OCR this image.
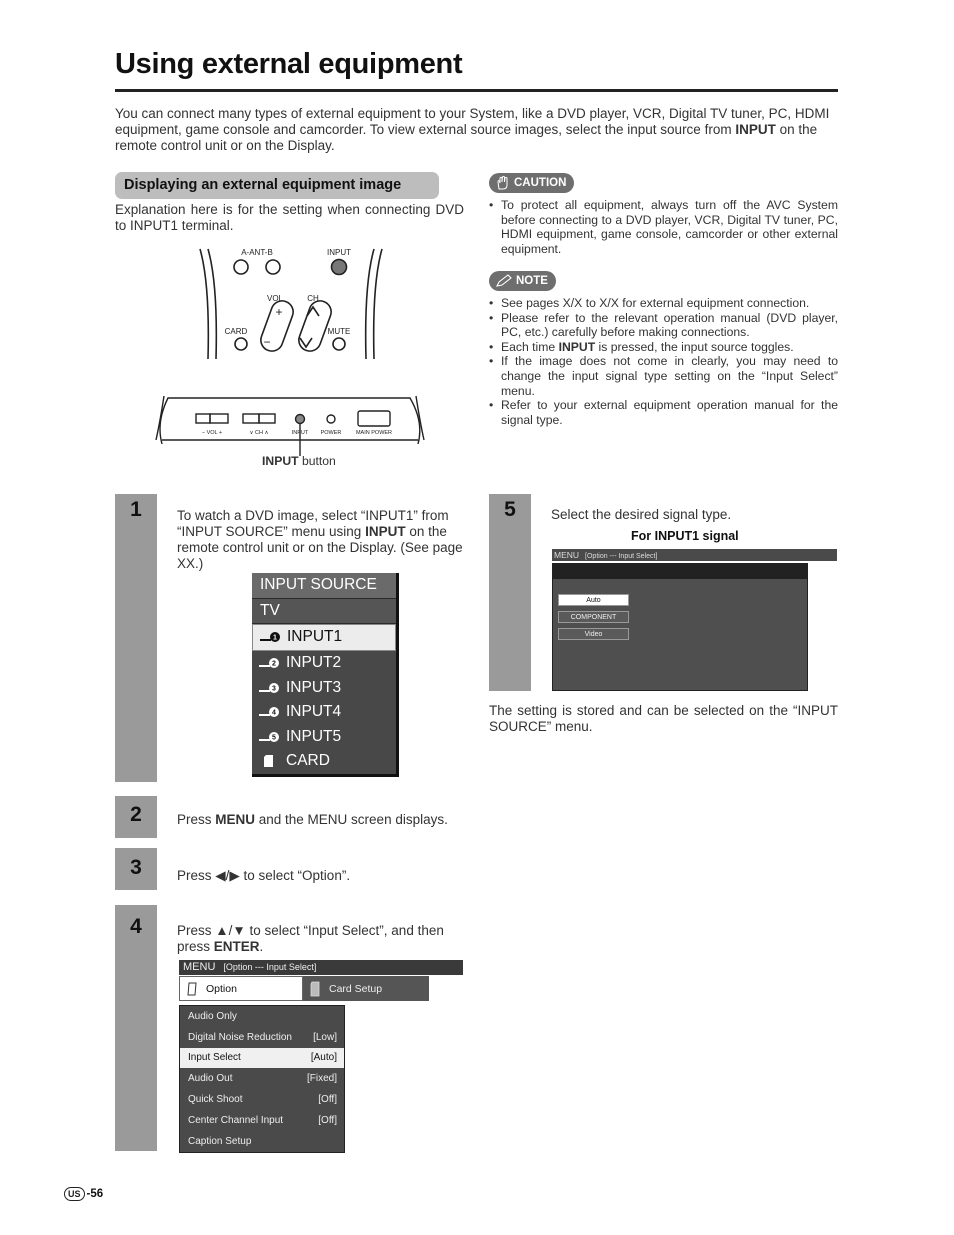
Using external equipment
You can connect many types of external equipment to your System, like a DVD player, VCR, Digital TV tuner, PC, HDMI equipment, game console and camcorder. To view external source images, select the input source from INPUT on the remote control unit or on the Display.
Displaying an external equipment image
Explanation here is for the setting when connecting DVD to INPUT1 terminal.
A-ANT-B	INPUT
VOL	CH
CARD	MUTE
+
−
− VOL +	∨ CH ∧	INPUT POWER	MAIN POWER
INPUT button
CAUTION
• To protect all equipment, always turn off the AVC System before connecting to a DVD player, VCR, Digital TV tuner, PC, HDMI equipment, game console, camcorder or other external equipment.
NOTE
• See pages X/X to X/X for external equipment connection.
• Please refer to the relevant operation manual (DVD player, PC, etc.) carefully before making connections.
• Each time INPUT is pressed, the input source toggles.
• If the image does not come in clearly, you may need to change the input signal type setting on the “Input Select” menu.
• Refer to your external equipment operation manual for the signal type.
1	To watch a DVD image, select “INPUT1” from “INPUT SOURCE” menu using INPUT on the remote control unit or on the Display. (See page XX.)
INPUT SOURCE
TV
1 INPUT1
2 INPUT2
3 INPUT3
4 INPUT4
5 INPUT5
CARD
2	Press MENU and the MENU screen displays.
3	Press ◀/▶ to select “Option”.
4	Press ▲/▼ to select “Input Select”, and then press ENTER.
MENU [Option --- Input Select]
Option	Card Setup
Audio Only
Digital Noise Reduction [Low]
Input Select	[Auto]
Audio Out	[Fixed]
Quick Shoot	[Off]
Center Channel Input	[Off]
Caption Setup
5	Select the desired signal type.
For INPUT1 signal
MENU [Option --- Input Select]
Auto
COMPONENT
Video
The setting is stored and can be selected on the “INPUT SOURCE” menu.
US -56
